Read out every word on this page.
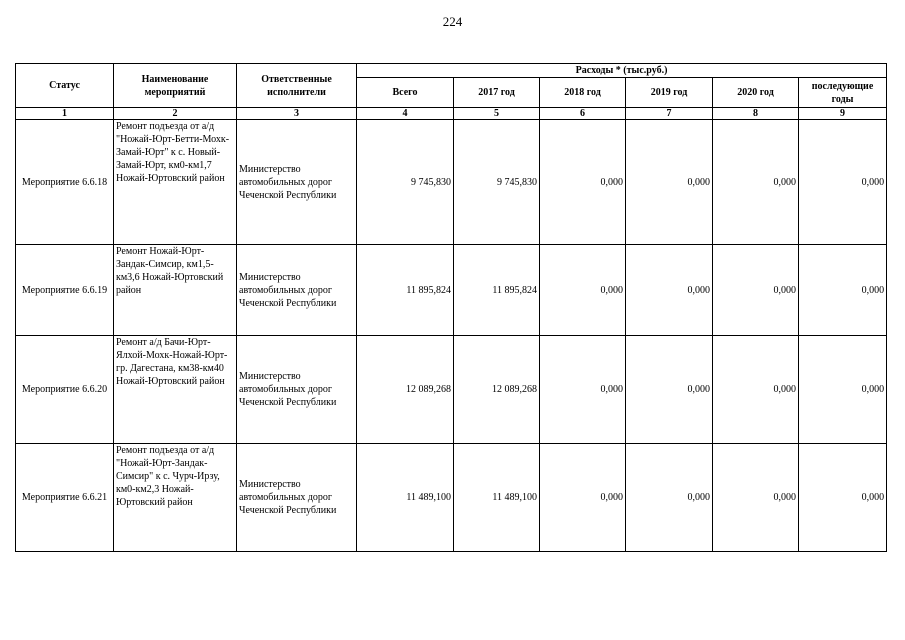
224
Статус	Наименование мероприятий	Ответственные исполнители	Расходы * (тыс.руб.)					
			Всего	2017 год	2018 год	2019 год	2020 год	последующие годы
1	2	3	4	5	6	7	8	9
Мероприятие 6.6.18	Ремонт подъезда от а/д "Ножай-Юрт-Бетти-Мохк-Замай-Юрт" к с. Новый-Замай-Юрт, км0-км1,7 Ножай-Юртовский район	Министерство автомобильных дорог Чеченской Республики	9 745,830	9 745,830	0,000	0,000	0,000	0,000
Мероприятие 6.6.19	Ремонт Ножай-Юрт-Зандак-Симсир, км1,5-км3,6 Ножай-Юртовский район	Министерство автомобильных дорог Чеченской Республики	11 895,824	11 895,824	0,000	0,000	0,000	0,000
Мероприятие 6.6.20	Ремонт а/д Бачи-Юрт-Ялхой-Мохк-Ножай-Юрт-гр. Дагестана, км38-км40 Ножай-Юртовский район	Министерство автомобильных дорог Чеченской Республики	12 089,268	12 089,268	0,000	0,000	0,000	0,000
Мероприятие 6.6.21	Ремонт подъезда от а/д "Ножай-Юрт-Зандак-Симсир" к с. Чурч-Ирзу, км0-км2,3 Ножай-Юртовский район	Министерство автомобильных дорог Чеченской Республики	11 489,100	11 489,100	0,000	0,000	0,000	0,000
